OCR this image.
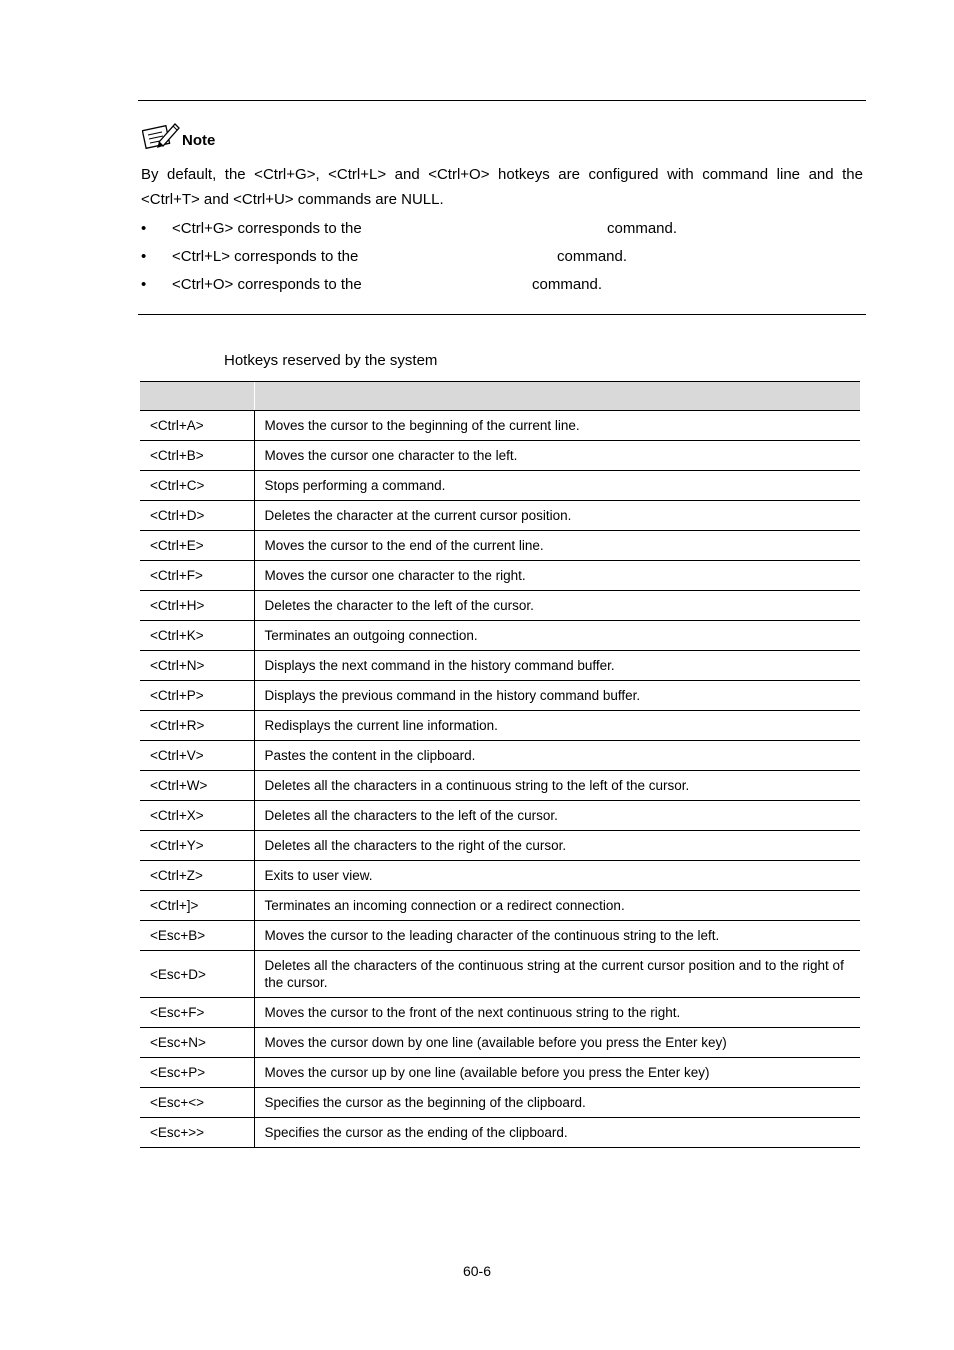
Note

By default, the <Ctrl+G>, <Ctrl+L> and <Ctrl+O> hotkeys are configured with command line and the <Ctrl+T> and <Ctrl+U> commands are NULL.

• <Ctrl+G> corresponds to the	command.
• <Ctrl+L> corresponds to the	command.
• <Ctrl+O> corresponds to the	command.
Hotkeys reserved by the system

<Ctrl+A>	Moves the cursor to the beginning of the current line.
<Ctrl+B>	Moves the cursor one character to the left.
<Ctrl+C>	Stops performing a command.
<Ctrl+D>	Deletes the character at the current cursor position.
<Ctrl+E>	Moves the cursor to the end of the current line.
<Ctrl+F>	Moves the cursor one character to the right.
<Ctrl+H>	Deletes the character to the left of the cursor.
<Ctrl+K>	Terminates an outgoing connection.
<Ctrl+N>	Displays the next command in the history command buffer.
<Ctrl+P>	Displays the previous command in the history command buffer.
<Ctrl+R>	Redisplays the current line information.
<Ctrl+V>	Pastes the content in the clipboard.
<Ctrl+W>	Deletes all the characters in a continuous string to the left of the cursor.
<Ctrl+X>	Deletes all the characters to the left of the cursor.
<Ctrl+Y>	Deletes all the characters to the right of the cursor.
<Ctrl+Z>	Exits to user view.
<Ctrl+]>	Terminates an incoming connection or a redirect connection.
<Esc+B>	Moves the cursor to the leading character of the continuous string to the left.
<Esc+D>	Deletes all the characters of the continuous string at the current cursor position and to the right of the cursor.
<Esc+F>	Moves the cursor to the front of the next continuous string to the right.
<Esc+N>	Moves the cursor down by one line (available before you press the Enter key)
<Esc+P>	Moves the cursor up by one line (available before you press the Enter key)
<Esc+<>	Specifies the cursor as the beginning of the clipboard.
<Esc+>>	Specifies the cursor as the ending of the clipboard.
60-6
